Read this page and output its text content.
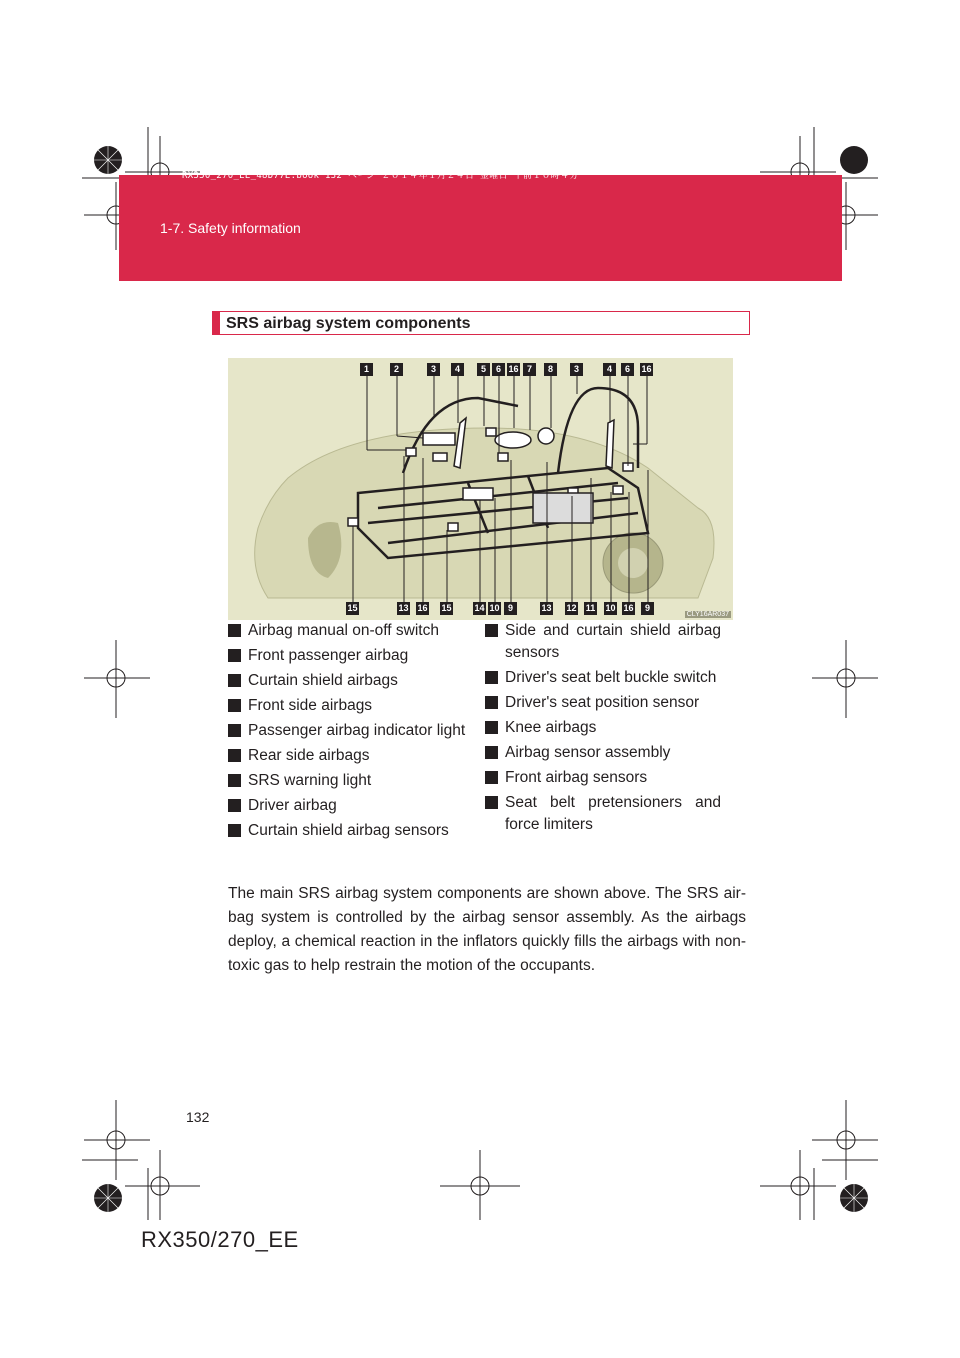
RX350_270_EE_48D77E.book 132 ページ ２０１４年１月２４日 金曜日 午前１０時４分
1-7. Safety information
SRS airbag system components
1	2	3	4	5	6 16 7	8	3	4	6	16
15	13 16 15	14 10 9	13 12 11 10 16	9
CLY16AR037
Airbag manual on-off switch
Front passenger airbag
Curtain shield airbags
Front side airbags
Passenger airbag indicator light
Rear side airbags
SRS warning light
Driver airbag
Curtain shield airbag sensors
Side and curtain shield airbag sensors
Driver's seat belt buckle switch
Driver's seat position sensor
Knee airbags
Airbag sensor assembly
Front airbag sensors
Seat belt pretensioners and force limiters
The main SRS airbag system components are shown above. The SRS air-bag system is controlled by the airbag sensor assembly. As the airbags deploy, a chemical reaction in the inflators quickly fills the airbags with non-toxic gas to help restrain the motion of the occupants.
132
RX350/270_EE
